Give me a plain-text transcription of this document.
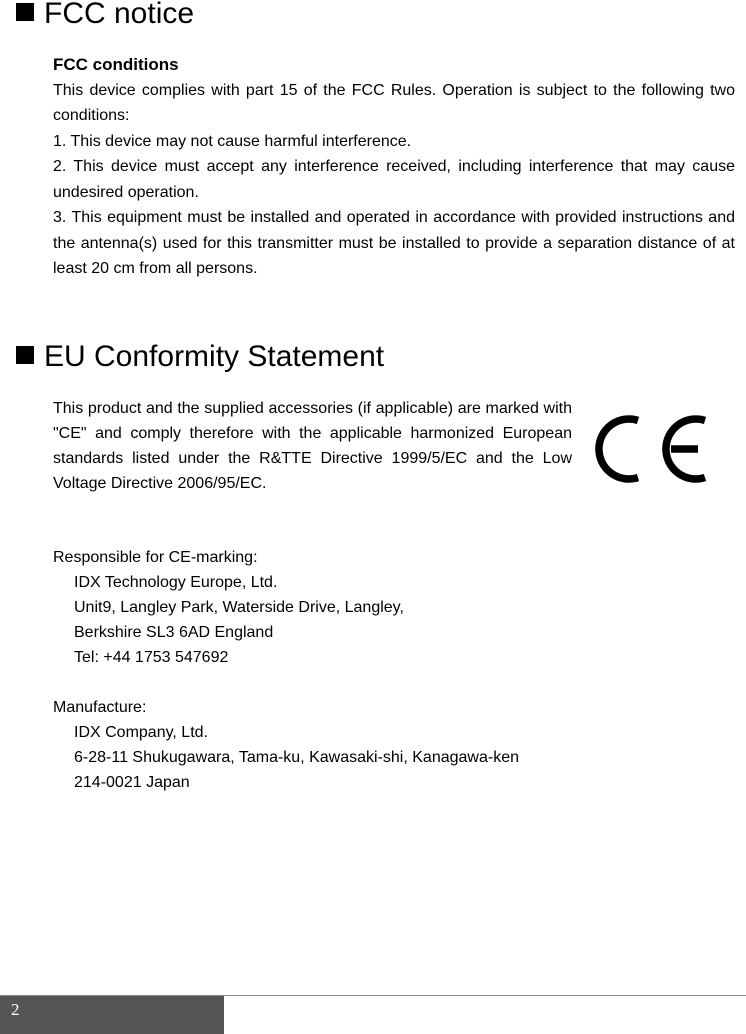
FCC notice

FCC conditions

This device complies with part 15 of the FCC Rules. Operation is subject to the following two conditions:

1. This device may not cause harmful interference.

2. This device must accept any interference received, including interference that may cause undesired operation.

3. This equipment must be installed and operated in accordance with provided instructions and the antenna(s) used for this transmitter must be installed to provide a separation distance of at least 20 cm from all persons.

EU Conformity Statement

This product and the supplied accessories (if applicable) are marked with "CE" and comply therefore with the applicable harmonized European standards listed under the R&TTE Directive 1999/5/EC and the Low Voltage Directive 2006/95/EC.

Responsible for CE-marking:
IDX Technology Europe, Ltd.
Unit9, Langley Park, Waterside Drive, Langley,
Berkshire SL3 6AD England
Tel: +44 1753 547692
Manufacture:
IDX Company, Ltd.
6-28-11 Shukugawara, Tama-ku, Kawasaki-shi, Kanagawa-ken
214-0021 Japan
2
